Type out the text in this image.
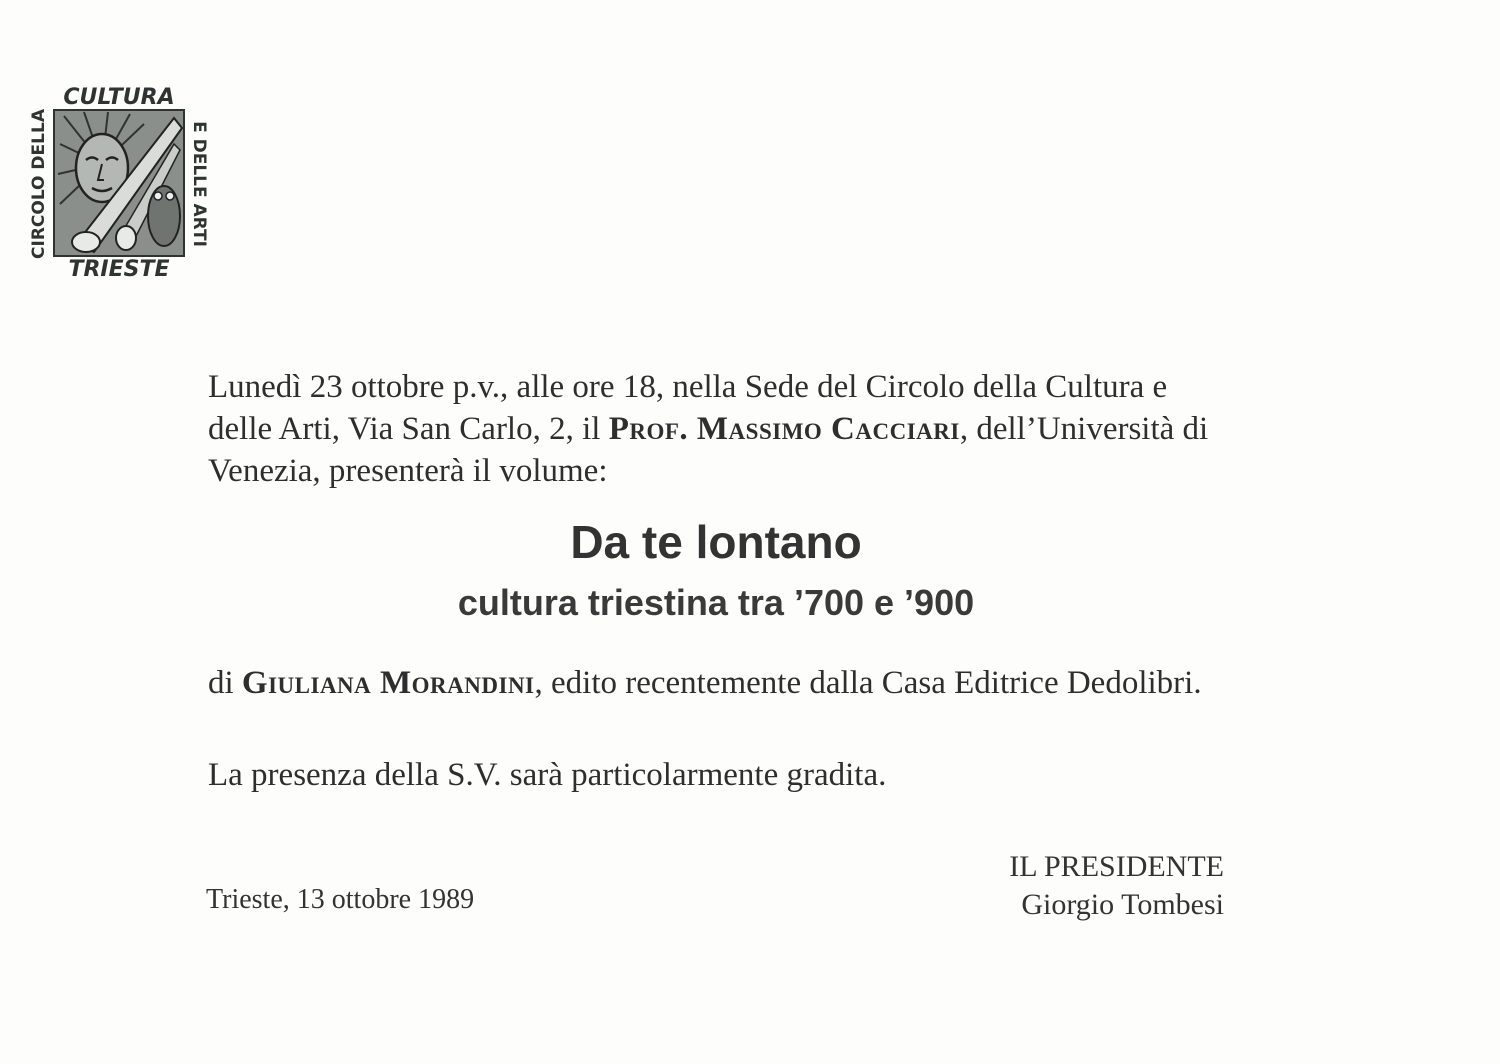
CULTURA
TRIESTE
CIRCOLO DELLA	E DELLE ARTI

Lunedì 23 ottobre p.v., alle ore 18, nella Sede del Circolo della Cultura e delle Arti, Via San Carlo, 2, il Prof. Massimo Cacciari, dell’Università di Venezia, presenterà il volume:

Da te lontano
cultura triestina tra ’700 e ’900

di Giuliana Morandini, edito recentemente dalla Casa Editrice Dedolibri.

La presenza della S.V. sarà particolarmente gradita.

Trieste, 13 ottobre 1989
IL PRESIDENTE
Giorgio Tombesi
